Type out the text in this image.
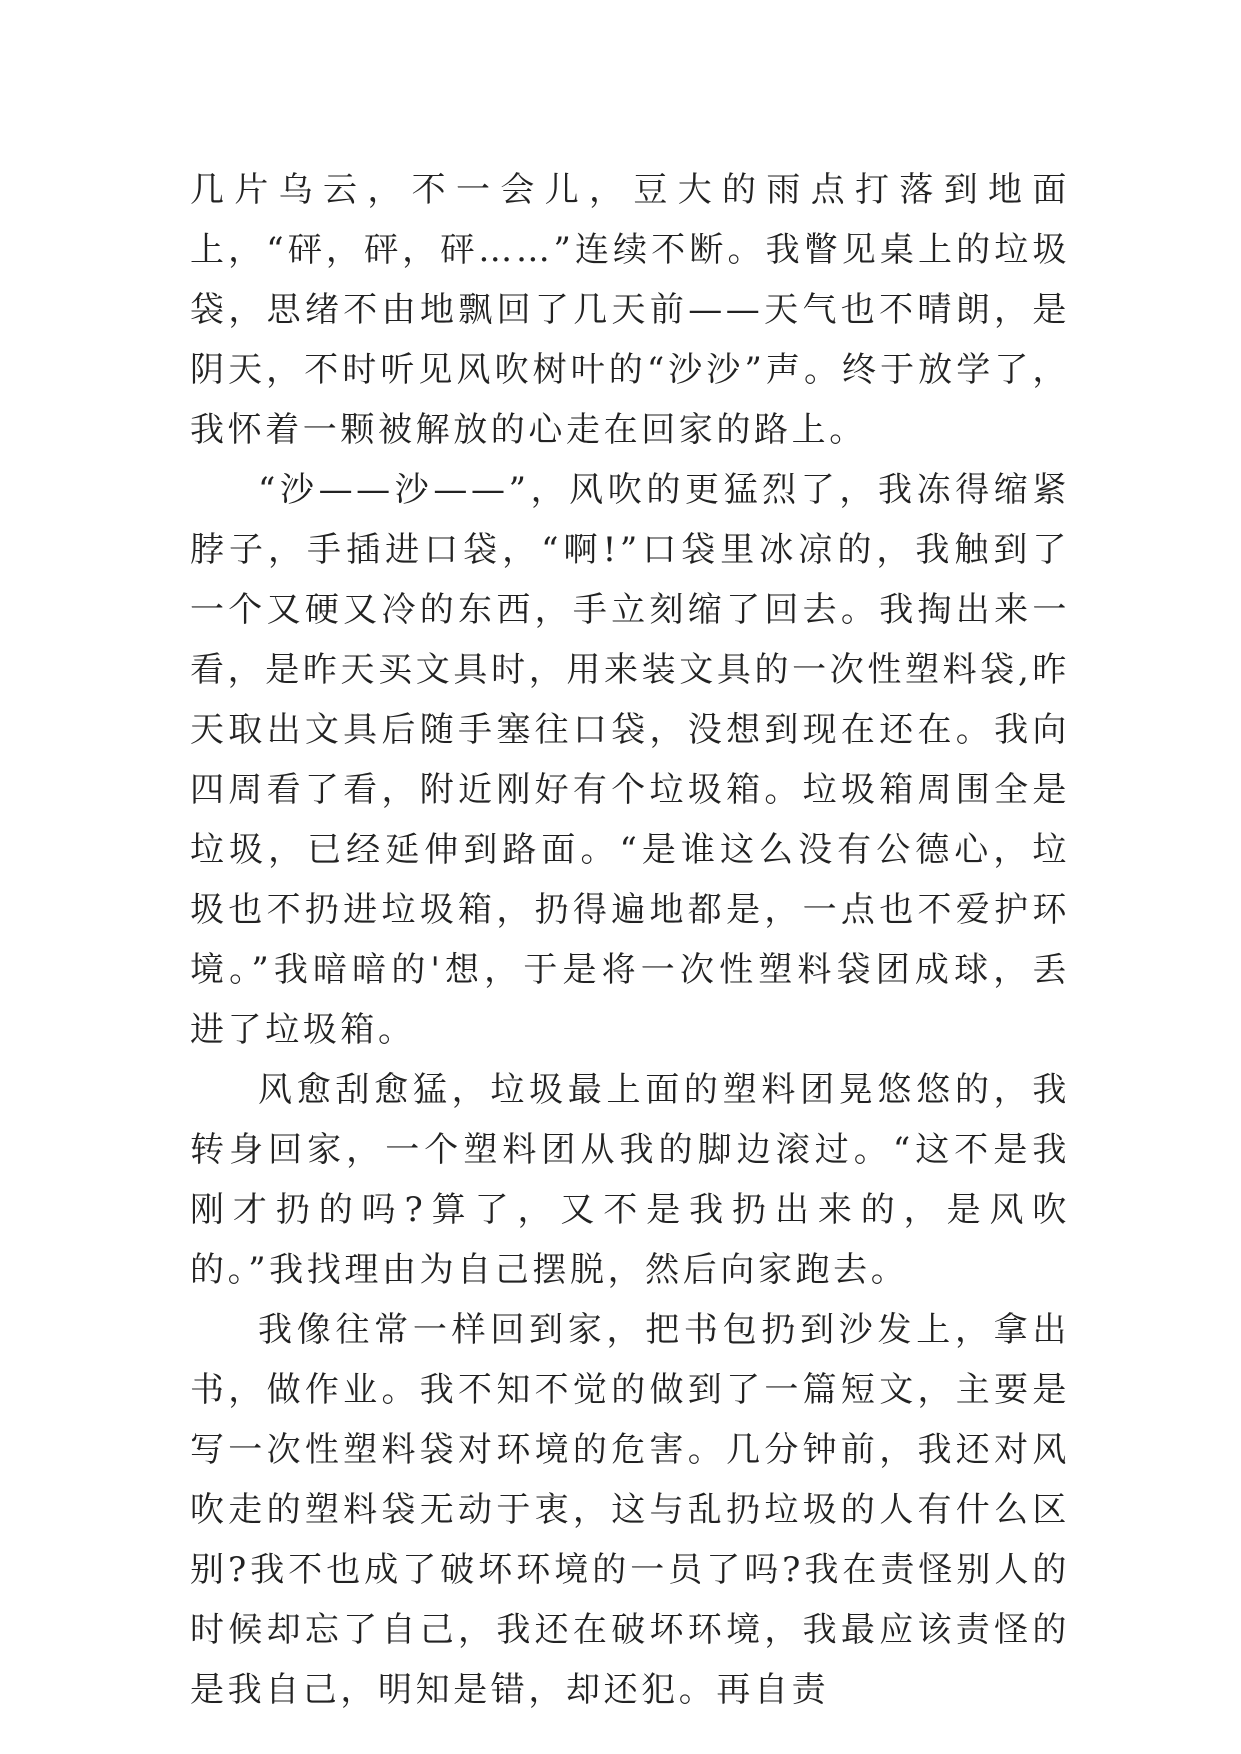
几片乌云，不一会儿，豆大的雨点打落到地面上，“砰，砰，砰……”连续不断。我瞥见桌上的垃圾袋，思绪不由地飘回了几天前——天气也不晴朗，是阴天，不时听见风吹树叶的“沙沙”声。终于放学了，我怀着一颗被解放的心走在回家的路上。

“沙——沙——”，风吹的更猛烈了，我冻得缩紧脖子，手插进口袋，“啊!”口袋里冰凉的，我触到了一个又硬又冷的东西，手立刻缩了回去。我掏出来一看，是昨天买文具时，用来装文具的一次性塑料袋,昨天取出文具后随手塞往口袋，没想到现在还在。我向四周看了看，附近刚好有个垃圾箱。垃圾箱周围全是垃圾，已经延伸到路面。“是谁这么没有公德心，垃圾也不扔进垃圾箱，扔得遍地都是，一点也不爱护环境。”我暗暗的'想，于是将一次性塑料袋团成球，丢进了垃圾箱。

风愈刮愈猛，垃圾最上面的塑料团晃悠悠的，我转身回家，一个塑料团从我的脚边滚过。“这不是我刚才扔的吗?算了，又不是我扔出来的，是风吹的。”我找理由为自己摆脱，然后向家跑去。

我像往常一样回到家，把书包扔到沙发上，拿出书，做作业。我不知不觉的做到了一篇短文，主要是写一次性塑料袋对环境的危害。几分钟前，我还对风吹走的塑料袋无动于衷，这与乱扔垃圾的人有什么区别?我不也成了破坏环境的一员了吗?我在责怪别人的时候却忘了自己，我还在破坏环境，我最应该责怪的是我自己，明知是错，却还犯。再自责
